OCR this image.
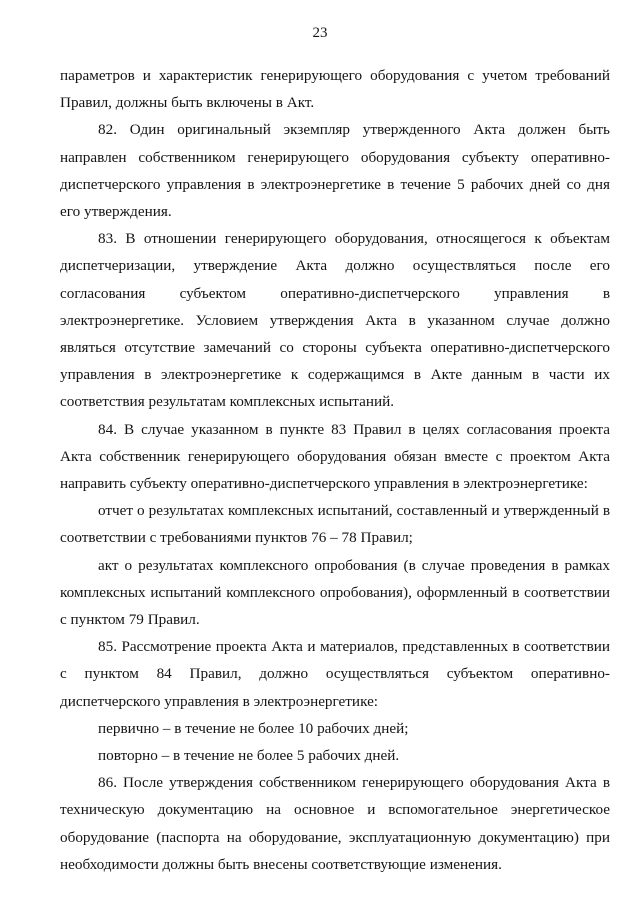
23

параметров и характеристик генерирующего оборудования с учетом требований Правил, должны быть включены в Акт.

82. Один оригинальный экземпляр утвержденного Акта должен быть направлен собственником генерирующего оборудования субъекту оперативно-диспетчерского управления в электроэнергетике в течение 5 рабочих дней со дня его утверждения.

83. В отношении генерирующего оборудования, относящегося к объектам диспетчеризации, утверждение Акта должно осуществляться после его согласования субъектом оперативно-диспетчерского управления в электроэнергетике. Условием утверждения Акта в указанном случае должно являться отсутствие замечаний со стороны субъекта оперативно-диспетчерского управления в электроэнергетике к содержащимся в Акте данным в части их соответствия результатам комплексных испытаний.

84. В случае указанном в пункте 83 Правил в целях согласования проекта Акта собственник генерирующего оборудования обязан вместе с проектом Акта направить субъекту оперативно-диспетчерского управления в электроэнергетике:

отчет о результатах комплексных испытаний, составленный и утвержденный в соответствии с требованиями пунктов 76 – 78 Правил;

акт о результатах комплексного опробования (в случае проведения в рамках комплексных испытаний комплексного опробования), оформленный в соответствии с пунктом 79 Правил.

85. Рассмотрение проекта Акта и материалов, представленных в соответствии с пунктом 84 Правил, должно осуществляться субъектом оперативно-диспетчерского управления в электроэнергетике:

первично – в течение не более 10 рабочих дней;

повторно – в течение не более 5 рабочих дней.

86. После утверждения собственником генерирующего оборудования Акта в техническую документацию на основное и вспомогательное энергетическое оборудование (паспорта на оборудование, эксплуатационную документацию) при необходимости должны быть внесены соответствующие изменения.
